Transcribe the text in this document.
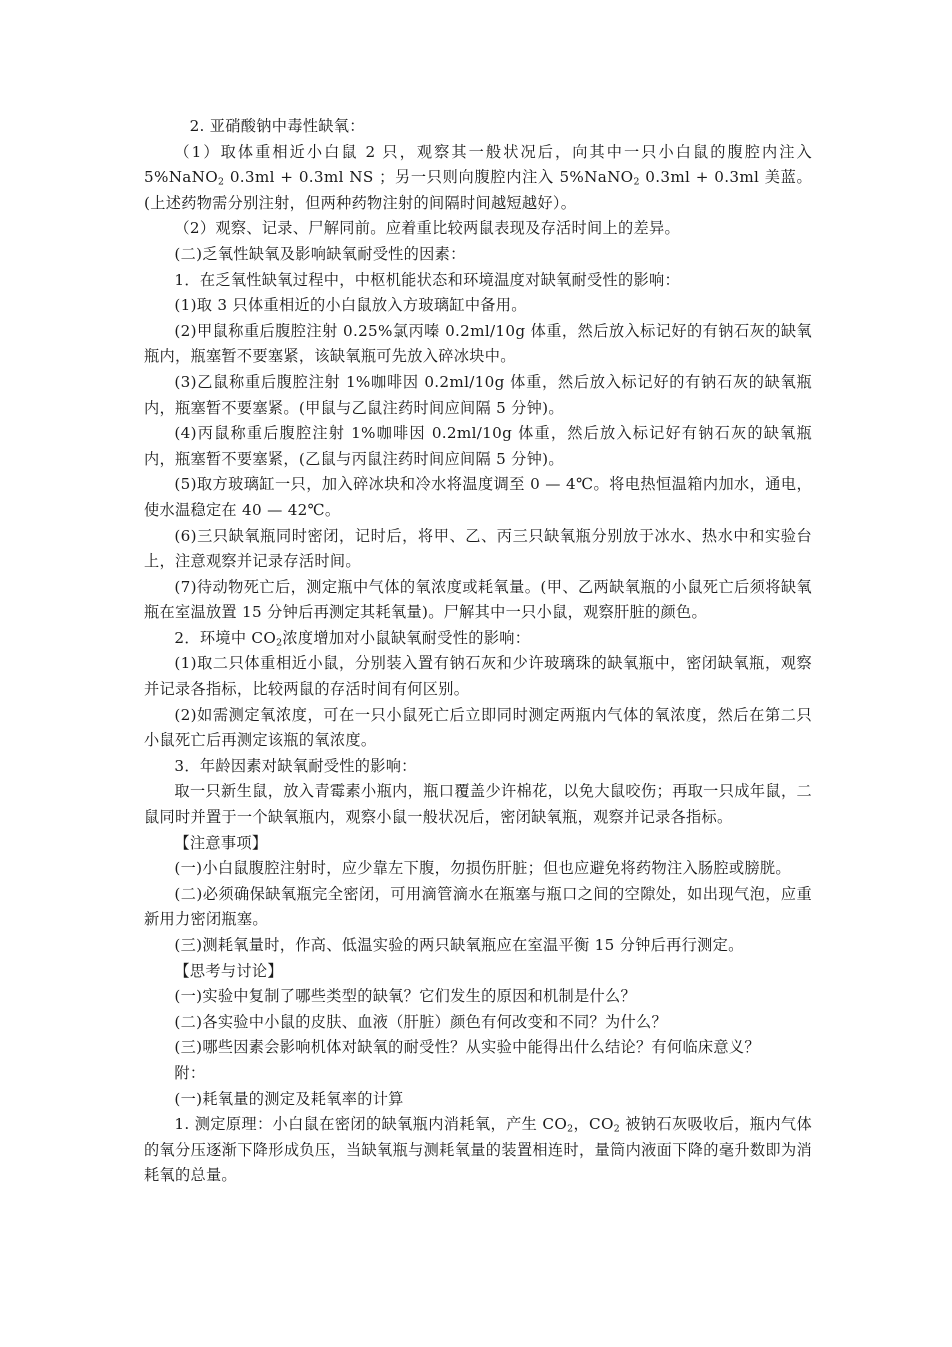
2. 亚硝酸钠中毒性缺氧：

（1）取体重相近小白鼠 2 只，观察其一般状况后，向其中一只小白鼠的腹腔内注入5%NaNO$_2$ 0.3ml + 0.3ml NS ；另一只则向腹腔内注入 5%NaNO$_2$ 0.3ml + 0.3ml 美蓝。(上述药物需分别注射，但两种药物注射的间隔时间越短越好）。

（2）观察、记录、尸解同前。应着重比较两鼠表现及存活时间上的差异。

(二)乏氧性缺氧及影响缺氧耐受性的因素：

1．在乏氧性缺氧过程中，中枢机能状态和环境温度对缺氧耐受性的影响：

(1)取 3 只体重相近的小白鼠放入方玻璃缸中备用。

(2)甲鼠称重后腹腔注射 0.25%氯丙嗪 0.2ml/10g 体重，然后放入标记好的有钠石灰的缺氧瓶内，瓶塞暂不要塞紧，该缺氧瓶可先放入碎冰块中。

(3)乙鼠称重后腹腔注射 1%咖啡因 0.2ml/10g 体重，然后放入标记好的有钠石灰的缺氧瓶内，瓶塞暂不要塞紧。(甲鼠与乙鼠注药时间应间隔 5 分钟)。

(4)丙鼠称重后腹腔注射 1%咖啡因 0.2ml/10g 体重，然后放入标记好有钠石灰的缺氧瓶内，瓶塞暂不要塞紧，(乙鼠与丙鼠注药时间应间隔 5 分钟)。

(5)取方玻璃缸一只，加入碎冰块和冷水将温度调至 0 — 4℃。将电热恒温箱内加水，通电，使水温稳定在 40 — 42℃。

(6)三只缺氧瓶同时密闭，记时后，将甲、乙、丙三只缺氧瓶分别放于冰水、热水中和实验台上，注意观察并记录存活时间。

(7)待动物死亡后，测定瓶中气体的氧浓度或耗氧量。(甲、乙两缺氧瓶的小鼠死亡后须将缺氧瓶在室温放置 15 分钟后再测定其耗氧量)。尸解其中一只小鼠，观察肝脏的颜色。

2．环境中 $CO_2$浓度增加对小鼠缺氧耐受性的影响：

(1)取二只体重相近小鼠，分别装入置有钠石灰和少许玻璃珠的缺氧瓶中，密闭缺氧瓶，观察并记录各指标，比较两鼠的存活时间有何区别。

(2)如需测定氧浓度，可在一只小鼠死亡后立即同时测定两瓶内气体的氧浓度，然后在第二只小鼠死亡后再测定该瓶的氧浓度。

3．年龄因素对缺氧耐受性的影响：

取一只新生鼠，放入青霉素小瓶内，瓶口覆盖少许棉花，以免大鼠咬伤；再取一只成年鼠，二鼠同时并置于一个缺氧瓶内，观察小鼠一般状况后，密闭缺氧瓶，观察并记录各指标。

【注意事项】

(一)小白鼠腹腔注射时，应少靠左下腹，勿损伤肝脏；但也应避免将药物注入肠腔或膀胱。

(二)必须确保缺氧瓶完全密闭，可用滴管滴水在瓶塞与瓶口之间的空隙处，如出现气泡，应重新用力密闭瓶塞。

(三)测耗氧量时，作高、低温实验的两只缺氧瓶应在室温平衡 15 分钟后再行测定。

【思考与讨论】

(一)实验中复制了哪些类型的缺氧？它们发生的原因和机制是什么？

(二)各实验中小鼠的皮肤、血液（肝脏）颜色有何改变和不同？为什么？

(三)哪些因素会影响机体对缺氧的耐受性？从实验中能得出什么结论？有何临床意义？

附：

(一)耗氧量的测定及耗氧率的计算

1. 测定原理：小白鼠在密闭的缺氧瓶内消耗氧，产生 $CO_2$，$CO_2$ 被钠石灰吸收后，瓶内气体的氧分压逐渐下降形成负压，当缺氧瓶与测耗氧量的装置相连时，量筒内液面下降的毫升数即为消耗氧的总量。
